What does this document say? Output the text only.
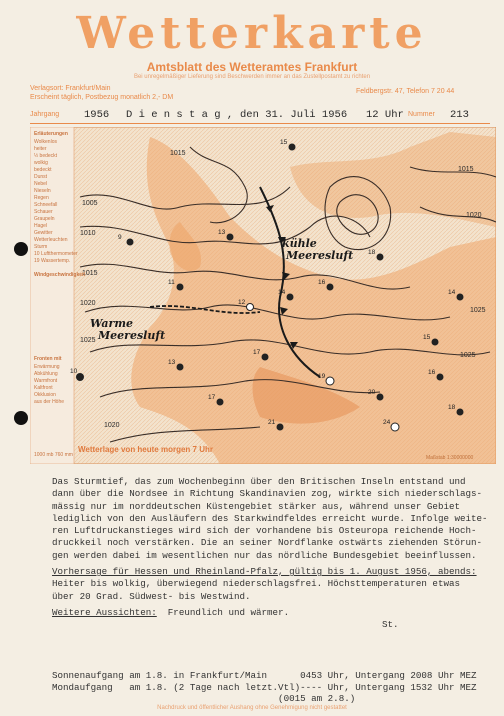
Wetterkarte
Amtsblatt des Wetteramtes Frankfurt
Bei unregelmäßiger Lieferung sind Beschwerden immer an das Zustellpostamt zu richten
Verlagsort: Frankfurt/Main
Erscheint täglich, Postbezug monatlich 2,- DM
Feldbergstr. 47, Telefon 7 20 44
Jahrgang 1956 D i e n s t a g , den 31. Juli 1956 12 Uhr Nummer 213
1005
1010
1015
1020
1025
1015
1020
1025
1015
1020
1025
Warme
Meeresluft
kühle
Meeresluft
9
11
13
15
12
14
16
18
10
13
17
19
20
16
14
15
17
21	24
18
Wetterlage von heute morgen 7 Uhr
Maßstab 1:30000000
Erläuterungen
Wolkenlos
heiter
½ bedeckt
wolkig
bedeckt
Dunst
Nebel
Nieseln
Regen
Schneefall
Schauer
Graupeln
Hagel
Gewitter
Wetterleuchten
Sturm
10 Luftthermometer
19 Wassertemp.
Windgeschwindigkeit
Fronten mit
Erwärmung
Abkühlung
Warmfront
Kaltfront
Okklusion
aus der Höhe
1000 mb 760 mm

Das Sturmtief, das zum Wochenbeginn über den Britischen Inseln entstand und

dann über die Nordsee in Richtung Skandinavien zog, wirkte sich niederschlags-

mässig nur im norddeutschen Küstengebiet stärker aus, während unser Gebiet

lediglich von den Ausläufern des Starkwindfeldes erreicht wurde. Infolge weite-

ren Luftdruckanstieges wird sich der vorhandene bis Osteuropa reichende Hoch-

druckkeil noch verstärken. Die an seiner Nordflanke ostwärts ziehenden Störun-

gen werden dabei im wesentlichen nur das nördliche Bundesgebiet beeinflussen.

Vorhersage für Hessen und Rheinland-Pfalz, gültig bis 1. August 1956, abends:

Heiter bis wolkig, überwiegend niederschlagsfrei. Höchsttemperaturen etwas

über 20 Grad. Südwest- bis Westwind.

Weitere Aussichten: Freundlich und wärmer.

St.

Sonnenaufgang am 1.8. in Frankfurt/Main      0453 Uhr, Untergang 2008 Uhr MEZ
Mondaufgang   am 1.8. (2 Tage nach letzt.Vtl)---- Uhr, Untergang 1532 Uhr MEZ
(0015 am 2.8.)
Nachdruck und öffentlicher Aushang ohne Genehmigung nicht gestattet
